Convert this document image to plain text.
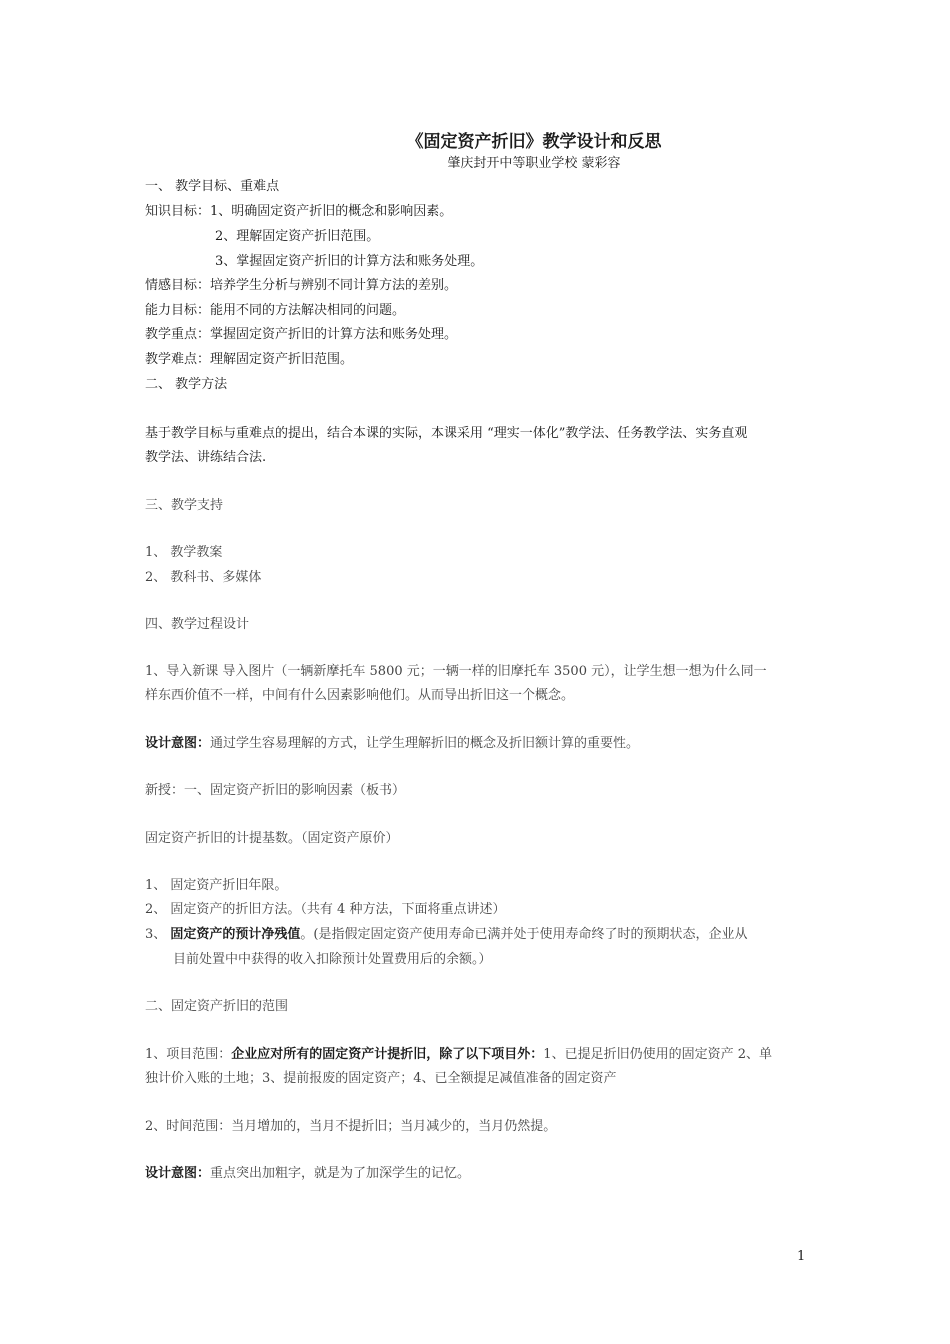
《固定资产折旧》教学设计和反思
肇庆封开中等职业学校 蒙彩容
一、 教学目标、重难点
知识目标：1、明确固定资产折旧的概念和影响因素。
2、理解固定资产折旧范围。
3、掌握固定资产折旧的计算方法和账务处理。
情感目标：培养学生分析与辨别不同计算方法的差别。
能力目标：能用不同的方法解决相同的问题。
教学重点：掌握固定资产折旧的计算方法和账务处理。
教学难点：理解固定资产折旧范围。
二、 教学方法
基于教学目标与重难点的提出，结合本课的实际，本课采用 “理实一体化”教学法、任务教学法、实务直观
教学法、讲练结合法.
三、教学支持
1、 教学教案
2、 教科书、多媒体
四、教学过程设计
1、导入新课 导入图片（一辆新摩托车 5800 元；一辆一样的旧摩托车 3500 元），让学生想一想为什么同一
样东西价值不一样，中间有什么因素影响他们。从而导出折旧这一个概念。
设计意图：通过学生容易理解的方式，让学生理解折旧的概念及折旧额计算的重要性。
新授：一、固定资产折旧的影响因素（板书）
固定资产折旧的计提基数。（固定资产原价）
1、 固定资产折旧年限。
2、 固定资产的折旧方法。（共有 4 种方法，下面将重点讲述）
3、 固定资产的预计净残值。(是指假定固定资产使用寿命已满并处于使用寿命终了时的预期状态，企业从
目前处置中中获得的收入扣除预计处置费用后的余额。）
二、固定资产折旧的范围
1、项目范围：企业应对所有的固定资产计提折旧，除了以下项目外：1、已提足折旧仍使用的固定资产 2、单
独计价入账的土地；3、提前报废的固定资产；4、已全额提足减值准备的固定资产
2、时间范围：当月增加的，当月不提折旧；当月减少的，当月仍然提。
设计意图：重点突出加粗字，就是为了加深学生的记忆。
1
